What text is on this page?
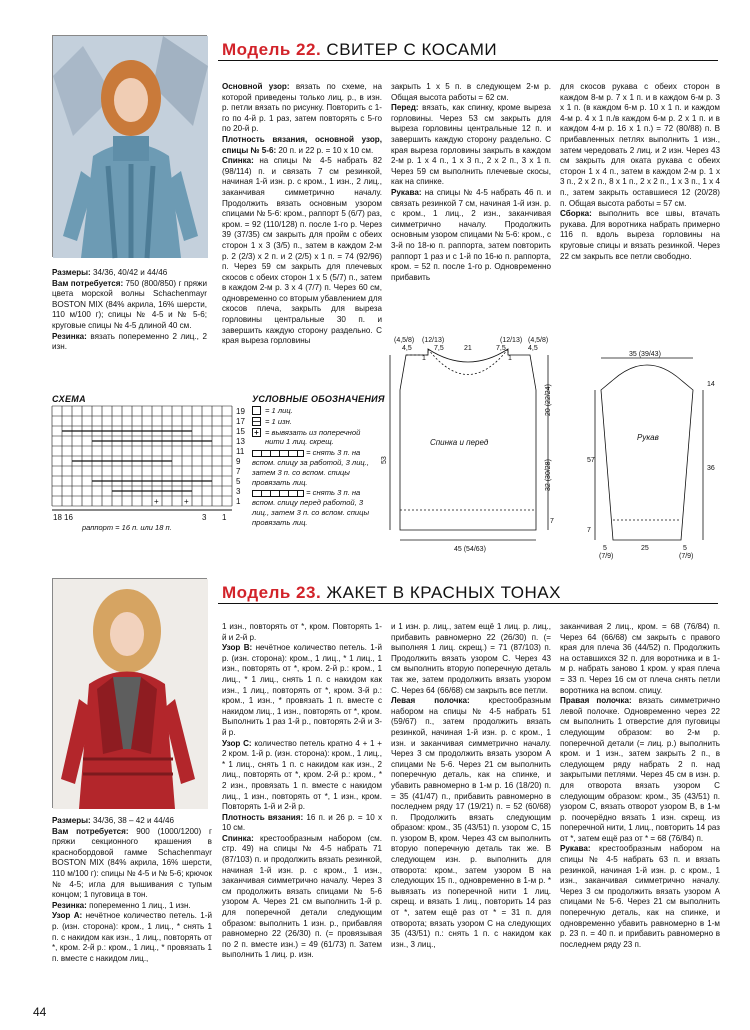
Модель 22. СВИТЕР С КОСАМИ

Размеры: 34/36, 40/42 и 44/46

Вам потребуется: 750 (800/850) г пряжи цвета морской волны Schachenmayr BOSTON MIX (84% акрила, 16% шерсти, 110 м/100 г); спицы № 4-5 и № 5-6; круговые спицы № 4-5 длиной 40 см.

Резинка: вязать попеременно 2 лиц., 2 изн.

Основной узор: вязать по схеме, на которой приведены только лиц. р., в изн. р. петли вязать по рисунку. Повторить с 1-го по 4-й р. 1 раз, затем повторять с 5-го по 20-й р.

Плотность вязания, основной узор, спицы № 5-6: 20 п. и 22 р. = 10 х 10 см.

Спинка: на спицы № 4-5 набрать 82 (98/114) п. и связать 7 см резинкой, начиная 1-й изн. р. с кром., 1 изн., 2 лиц., заканчивая симметрично началу. Продолжить вязать основным узором спицами № 5-6: кром., раппорт 5 (6/7) раз, кром. = 92 (110/128) п. после 1-го р. Через 39 (37/35) см закрыть для пройм с обеих сторон 1 х 3 (3/5) п., затем в каждом 2-м р. 2 (2/3) х 2 п. и 2 (2/5) х 1 п. = 74 (92/96) п. Через 59 см закрыть для плечевых скосов с обеих сторон 1 х 5 (5/7) п., затем в каждом 2-м р. 3 х 4 (7/7) п. Через 60 см, одновременно со вторым убавлением для скосов плеча, закрыть для выреза горловины центральные 30 п. и завершить каждую сторону раздельно. С края выреза горловины

закрыть 1 х 5 п. в следующем 2-м р. Общая высота работы = 62 см.

Перед: вязать, как спинку, кроме выреза горловины. Через 53 см закрыть для выреза горловины центральные 12 п. и завершить каждую сторону раздельно. С края выреза горловины закрыть в каждом 2-м р. 1 х 4 п., 1 х 3 п., 2 х 2 п., 3 х 1 п. Через 59 см выполнить плечевые скосы, как на спинке.

Рукава: на спицы № 4-5 набрать 46 п. и связать резинкой 7 см, начиная 1-й изн. р. с кром., 1 лиц., 2 изн., заканчивая симметрично началу. Продолжить основным узором спицами № 5-6: кром., с 3-й по 18-ю п. раппорта, затем повторить раппорт 1 раз и с 1-й по 16-ю п. раппорта, кром. = 52 п. после 1-го р. Одновременно прибавить

для скосов рукава с обеих сторон в каждом 8-м р. 7 х 1 п. и в каждом 6-м р. 3 х 1 п. (в каждом 6-м р. 10 х 1 п. и каждом 4-м р. 4 х 1 п./в каждом 6-м р. 2 х 1 п. и в каждом 4-м р. 16 х 1 п.) = 72 (80/88) п. В прибавленных петлях выполнить 1 изн., затем чередовать 2 лиц. и 2 изн. Через 43 см закрыть для оката рукава с обеих сторон 1 х 4 п., затем в каждом 2-м р. 1 х 3 п., 2 х 2 п., 8 х 1 п., 2 х 2 п., 1 х 3 п., 1 х 4 п., затем закрыть оставшиеся 12 (20/28) п. Общая высота работы = 57 см.

Сборка: выполнить все швы, втачать рукава. Для воротника набрать примерно 116 п. вдоль выреза горловины на круговые спицы и вязать резинкой. Через 22 см закрыть все петли свободно.

СХЕМА
19
17
15
13
11
9
7
5
3
1
18 16	3 1
раппорт = 16 п. или 18 п.
+	+
УСЛОВНЫЕ ОБОЗНАЧЕНИЯ
= 1 лиц.
— = 1 изн.
+ = вывязать из поперечной нити 1 лиц. скрещ.
= снять 3 п. на вспом. спицу за работой, 3 лиц., затем 3 п. со вспом. спицы провязать лиц.
= снять 3 п. на вспом. спицу перед работой, 3 лиц., затем 3 п. со вспом. спицы провязать лиц.
(4,5/8) (12/13)
4,5	7,5	21
(12/13) (4,5/8)
7,5	4,5
1	1
53	32 (30/28)
20 (22/24)
7
45 (54/63)
Спинка и перед
35 (39/43)
14
57
36
7
5	25	5
(7/9)	(7/9)
Рукав
Модель 23. ЖАКЕТ В КРАСНЫХ ТОНАХ

Размеры: 34/36, 38 – 42 и 44/46

Вам потребуется: 900 (1000/1200) г пряжи секционного крашения в краснобордовой гамме Schachenmayr BOSTON MIX (84% акрила, 16% шерсти, 110 м/100 г): спицы № 4-5 и № 5-6; крючок № 4-5; игла для вышивания с тупым концом; 1 пуговица в тон.

Резинка: попеременно 1 лиц., 1 изн.

Узор А: нечётное количество петель. 1-й р. (изн. сторона): кром., 1 лиц., * снять 1 п. с накидом как изн., 1 лиц., повторять от *, кром. 2-й р.: кром., 1 лиц., * провязать 1 п. вместе с накидом лиц.,

1 изн., повторять от *, кром. Повторять 1-й и 2-й р.

Узор В: нечётное количество петель. 1-й р. (изн. сторона): кром., 1 лиц., * 1 лиц., 1 изн., повторять от *, кром. 2-й р.: кром., 1 лиц., * 1 лиц., снять 1 п. с накидом как изн., 1 лиц., повторять от *, кром. 3-й р.: кром., 1 изн., * провязать 1 п. вместе с накидом лиц., 1 изн., повторять от *, кром. Выполнить 1 раз 1-й р., повторять 2-й и 3-й р.

Узор С: количество петель кратно 4 + 1 + 2 кром. 1-й р. (изн. сторона): кром., 1 лиц., * 1 лиц., снять 1 п. с накидом как изн., 2 лиц., повторять от *, кром. 2-й р.: кром., * 2 изн., провязать 1 п. вместе с накидом лиц., 1 изн., повторять от *, 1 изн., кром. Повторять 1-й и 2-й р.

Плотность вязания: 16 п. и 26 р. = 10 х 10 см.

Спинка: крестообразным набором (см. стр. 49) на спицы № 4-5 набрать 71 (87/103) п. и продолжить вязать резинкой, начиная 1-й изн. р. с кром., 1 изн., заканчивая симметрично началу. Через 3 см продолжить вязать спицами № 5-6 узором А. Через 21 см выполнить 1-й р. для поперечной детали следующим образом: выполнить 1 изн. р., прибавляя равномерно 22 (26/30) п. (= провязывая по 2 п. вместе изн.) = 49 (61/73) п. Затем выполнить 1 лиц. р. изн.

и 1 изн. р. лиц., затем ещё 1 лиц. р. лиц., прибавить равномерно 22 (26/30) п. (= выполняя 1 лиц. скрещ.) = 71 (87/103) п. Продолжить вязать узором С. Через 43 см выполнить вторую поперечную деталь так же, затем продолжить вязать узором С. Через 64 (66/68) см закрыть все петли.

Левая полочка: крестообразным набором на спицы № 4-5 набрать 51 (59/67) п., затем продолжить вязать резинкой, начиная 1-й изн. р. с кром., 1 изн. и заканчивая симметрично началу. Через 3 см продолжить вязать узором А спицами № 5-6. Через 21 см выполнить поперечную деталь, как на спинке, и убавить равномерно в 1-м р. 16 (18/20) п. = 35 (41/47) п., прибавить равномерно в последнем ряду 17 (19/21) п. = 52 (60/68) п. Продолжить вязать следующим образом: кром., 35 (43/51) п. узором С, 15 п. узором В, кром. Через 43 см выполнить вторую поперечную деталь так же. В следующем изн. р. выполнить для отворота: кром., затем узором В на следующих 15 п., одновременно в 1-м р. * вывязать из поперечной нити 1 лиц. скрещ. и вязать 1 лиц., повторить 14 раз от *, затем ещё раз от * = 31 п. для отворота; вязать узором С на следующих 35 (43/51) п.: снять 1 п. с накидом как изн., 3 лиц.,

заканчивая 2 лиц., кром. = 68 (76/84) п. Через 64 (66/68) см закрыть с правого края для плеча 36 (44/52) п. Продолжить на оставшихся 32 п. для воротника и в 1-м р. набрать заново 1 кром. у края плеча = 33 п. Через 16 см от плеча снять петли воротника на вспом. спицу.

Правая полочка: вязать симметрично левой полочке. Одновременно через 22 см выполнить 1 отверстие для пуговицы следующим образом: во 2-м р. поперечной детали (= лиц. р.) выполнить кром. и 1 изн., затем закрыть 2 п., в следующем ряду набрать 2 п. над закрытыми петлями. Через 45 см в изн. р. для отворота вязать узором С следующим образом: кром., 35 (43/51) п. узором С, вязать отворот узором В, в 1-м р. поочерёдно вязать 1 изн. скрещ. из поперечной нити, 1 лиц., повторить 14 раз от *, затем ещё раз от * = 68 (76/84) п.

Рукава: крестообразным набором на спицы № 4-5 набрать 63 п. и вязать резинкой, начиная 1-й изн. р. с кром., 1 изн., заканчивая симметрично началу. Через 3 см продолжить вязать узором А спицами № 5-6. Через 21 см выполнить поперечную деталь, как на спинке, и одновременно убавить равномерно в 1-м р. 23 п. = 40 п. и прибавить равномерно в последнем ряду 23 п.

44
